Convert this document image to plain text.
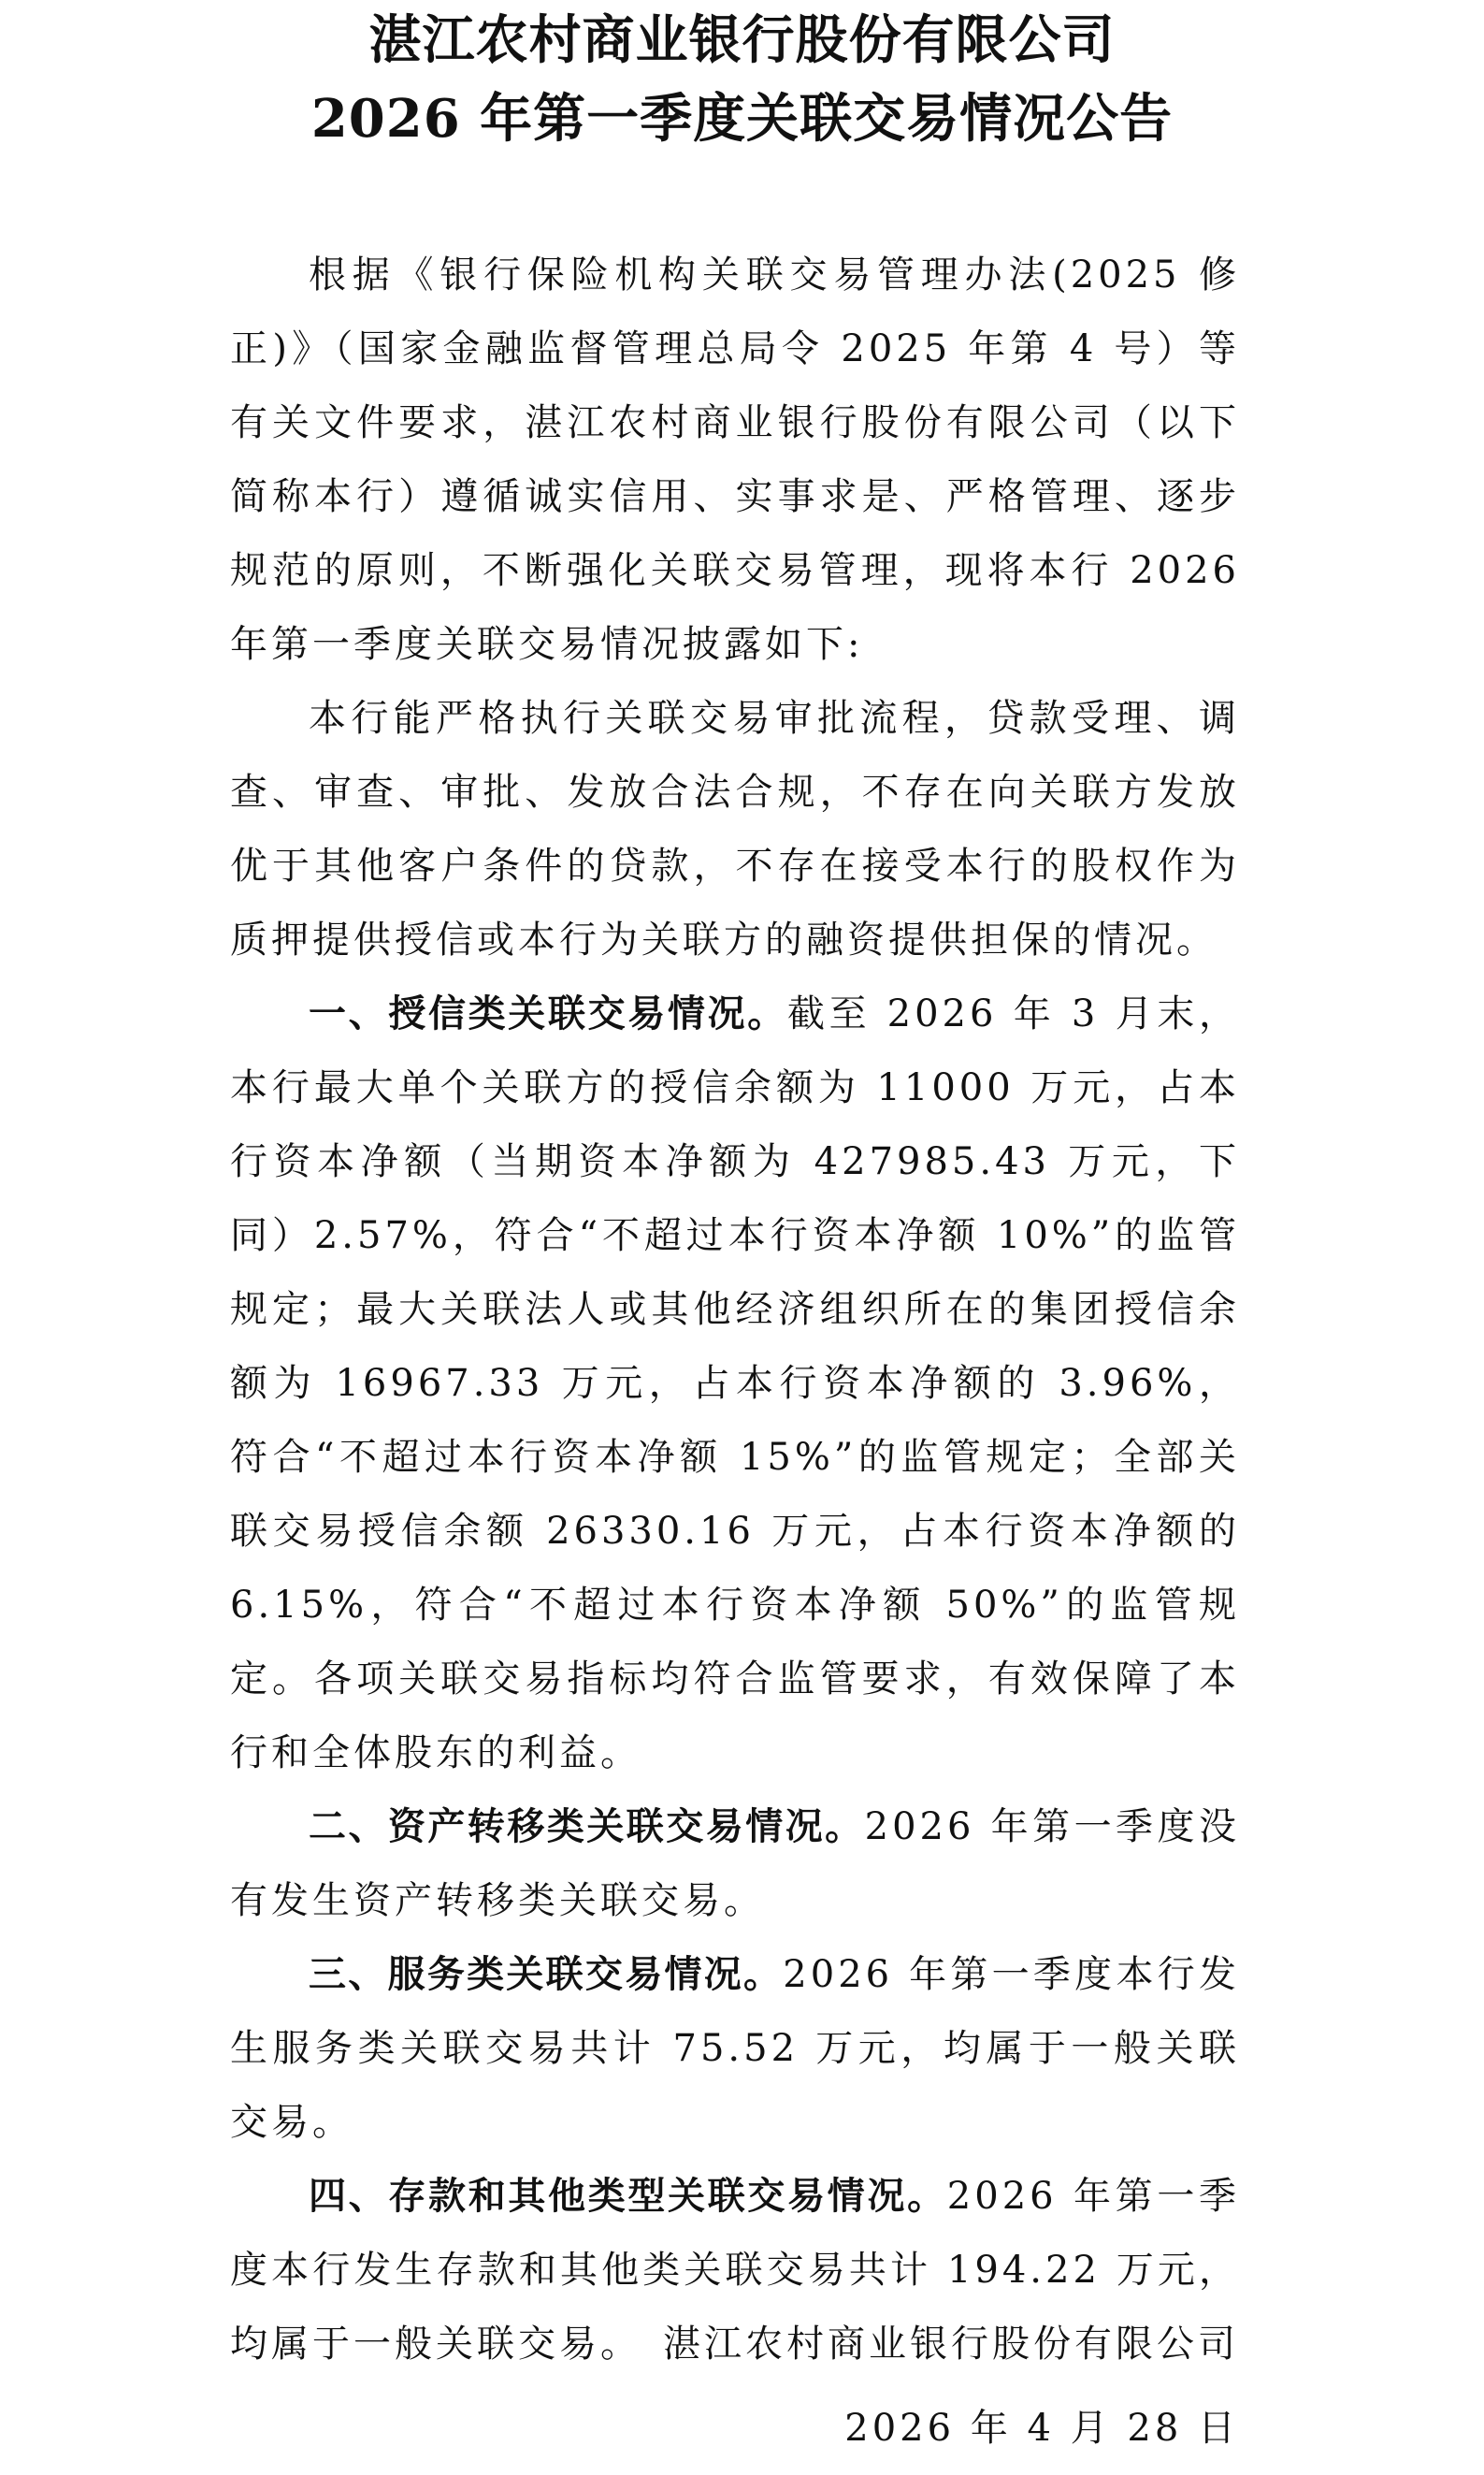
湛江农村商业银行股份有限公司
2026 年第一季度关联交易情况公告

根据《银行保险机构关联交易管理办法(2025 修正)》（国家金融监督管理总局令 2025 年第 4 号）等有关文件要求，湛江农村商业银行股份有限公司（以下简称本行）遵循诚实信用、实事求是、严格管理、逐步规范的原则，不断强化关联交易管理，现将本行 2026 年第一季度关联交易情况披露如下:

本行能严格执行关联交易审批流程，贷款受理、调查、审查、审批、发放合法合规，不存在向关联方发放优于其他客户条件的贷款，不存在接受本行的股权作为质押提供授信或本行为关联方的融资提供担保的情况。

一、授信类关联交易情况。截至 2026 年 3 月末，本行最大单个关联方的授信余额为 11000 万元，占本行资本净额（当期资本净额为 427985.43 万元，下同）2.57%，符合“不超过本行资本净额 10%”的监管规定；最大关联法人或其他经济组织所在的集团授信余额为 16967.33 万元，占本行资本净额的 3.96%，符合“不超过本行资本净额 15%”的监管规定；全部关联交易授信余额 26330.16 万元，占本行资本净额的 6.15%，符合“不超过本行资本净额 50%”的监管规定。各项关联交易指标均符合监管要求，有效保障了本行和全体股东的利益。

二、资产转移类关联交易情况。2026 年第一季度没有发生资产转移类关联交易。

三、服务类关联交易情况。2026 年第一季度本行发生服务类关联交易共计 75.52 万元，均属于一般关联交易。

四、存款和其他类型关联交易情况。2026 年第一季度本行发生存款和其他类关联交易共计 194.22 万元，均属于一般关联交易。 湛江农村商业银行股份有限公司
2026 年 4 月 28 日
